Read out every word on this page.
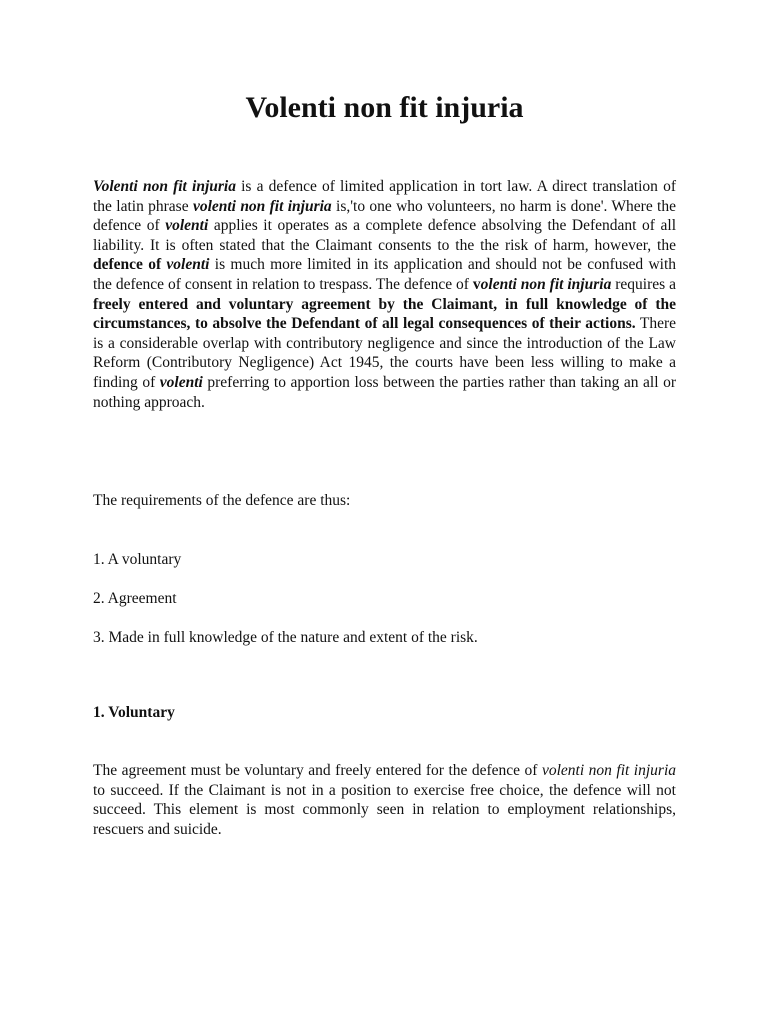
Volenti non fit injuria

Volenti non fit injuria is a defence of limited application in tort law. A direct translation of the latin phrase volenti non fit injuria is,'to one who volunteers, no harm is done'. Where the defence of volenti applies it operates as a complete defence absolving the Defendant of all liability. It is often stated that the Claimant consents to the the risk of harm, however, the defence of volenti is much more limited in its application and should not be confused with the defence of consent in relation to trespass. The defence of volenti non fit injuria requires a freely entered and voluntary agreement by the Claimant, in full knowledge of the circumstances, to absolve the Defendant of all legal consequences of their actions. There is a considerable overlap with contributory negligence and since the introduction of the Law Reform (Contributory Negligence) Act 1945, the courts have been less willing to make a finding of volenti preferring to apportion loss between the parties rather than taking an all or nothing approach.

The requirements of the defence are thus:

1. A voluntary

2. Agreement

3. Made in full knowledge of the nature and extent of the risk.

1. Voluntary

The agreement must be voluntary and freely entered for the defence of volenti non fit injuria to succeed. If the Claimant is not in a position to exercise free choice, the defence will not succeed. This element is most commonly seen in relation to employment relationships, rescuers and suicide.
